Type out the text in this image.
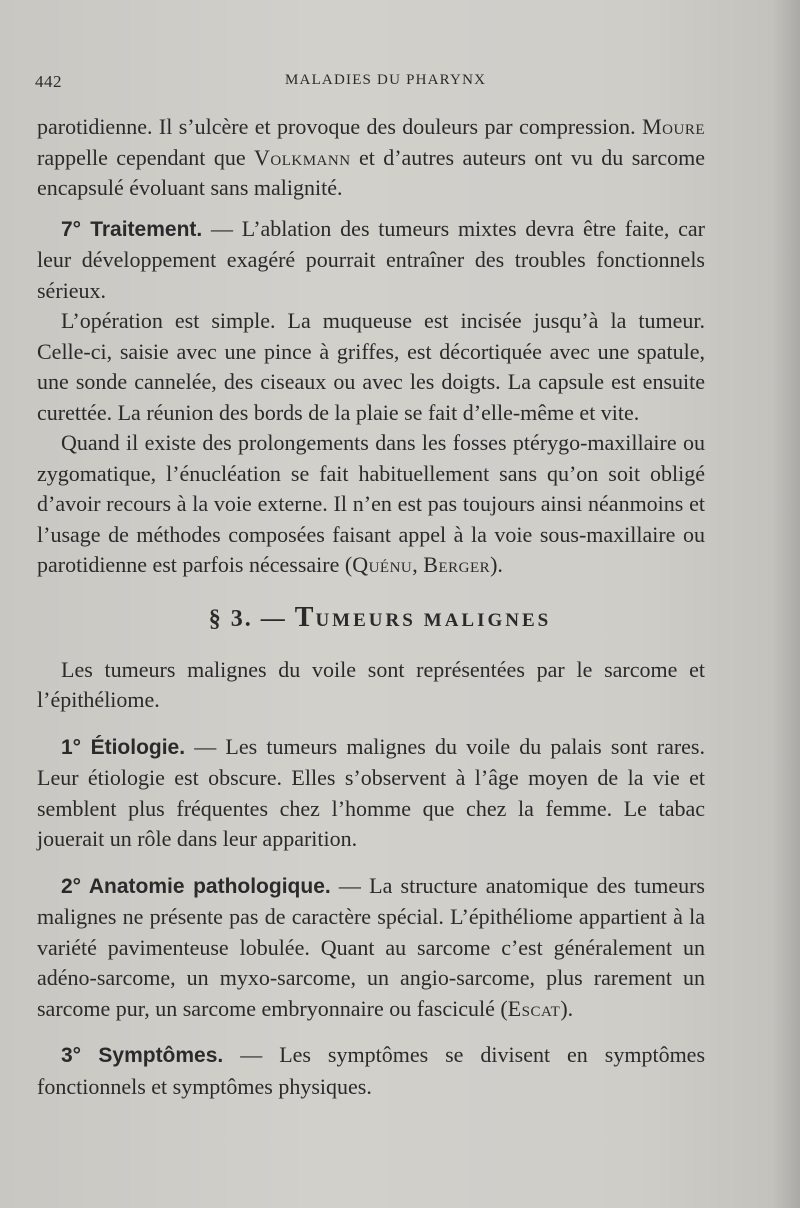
442	MALADIES DU PHARYNX

parotidienne. Il s’ulcère et provoque des douleurs par compression. Moure rappelle cependant que Volkmann et d’autres auteurs ont vu du sarcome encapsulé évoluant sans malignité.

7° Traitement. — L’ablation des tumeurs mixtes devra être faite, car leur développement exagéré pourrait entraîner des troubles fonctionnels sérieux.

L’opération est simple. La muqueuse est incisée jusqu’à la tumeur. Celle-ci, saisie avec une pince à griffes, est décortiquée avec une spatule, une sonde cannelée, des ciseaux ou avec les doigts. La capsule est ensuite curettée. La réunion des bords de la plaie se fait d’elle-même et vite.

Quand il existe des prolongements dans les fosses ptérygo-maxillaire ou zygomatique, l’énucléation se fait habituellement sans qu’on soit obligé d’avoir recours à la voie externe. Il n’en est pas toujours ainsi néanmoins et l’usage de méthodes composées faisant appel à la voie sous-maxillaire ou parotidienne est parfois nécessaire (Quénu, Berger).

§ 3. — TUMEURS MALIGNES

Les tumeurs malignes du voile sont représentées par le sarcome et l’épithéliome.

1° Étiologie. — Les tumeurs malignes du voile du palais sont rares. Leur étiologie est obscure. Elles s’observent à l’âge moyen de la vie et semblent plus fréquentes chez l’homme que chez la femme. Le tabac jouerait un rôle dans leur apparition.

2° Anatomie pathologique. — La structure anatomique des tumeurs malignes ne présente pas de caractère spécial. L’épithéliome appartient à la variété pavimenteuse lobulée. Quant au sarcome c’est généralement un adéno-sarcome, un myxo-sarcome, un angio-sarcome, plus rarement un sarcome pur, un sarcome embryonnaire ou fasciculé (Escat).

3° Symptômes. — Les symptômes se divisent en symptômes fonctionnels et symptômes physiques.
